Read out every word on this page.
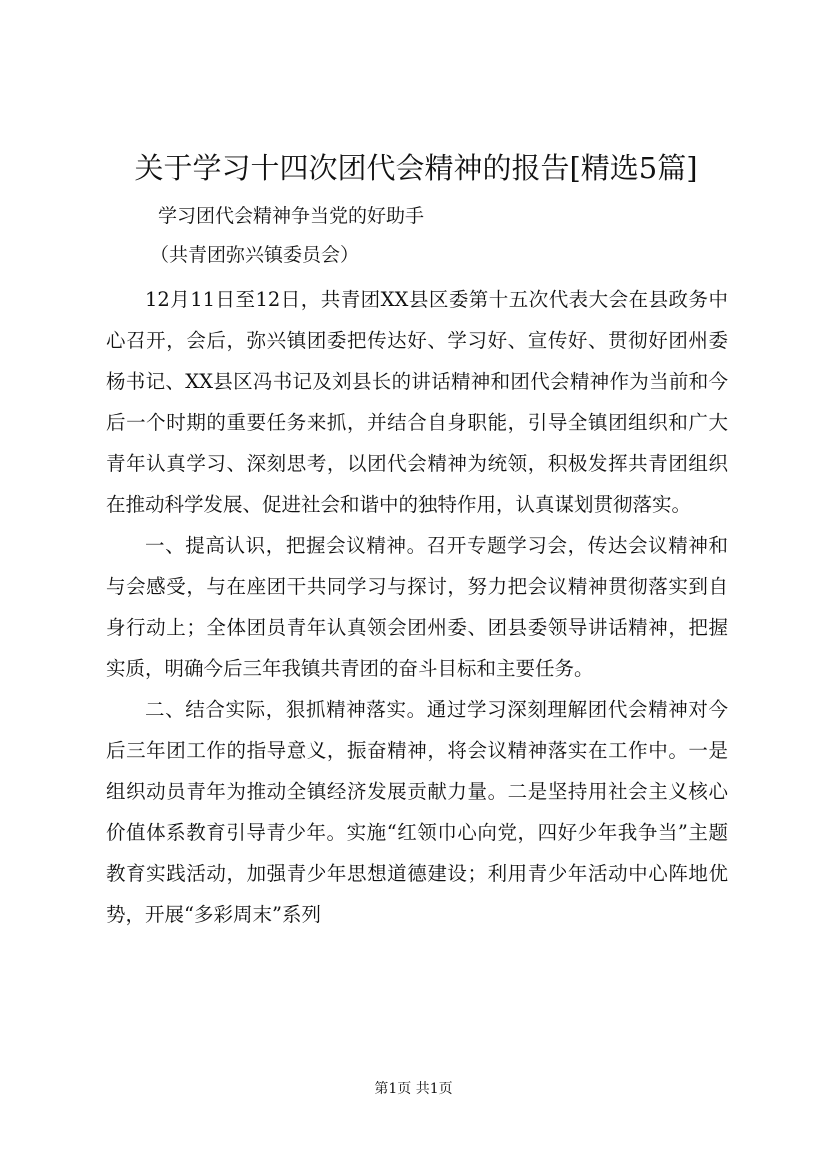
关于学习十四次团代会精神的报告[精选5篇]
学习团代会精神争当党的好助手
（共青团弥兴镇委员会）

12月11日至12日，共青团XX县区委第十五次代表大会在县政务中心召开，会后，弥兴镇团委把传达好、学习好、宣传好、贯彻好团州委杨书记、XX县区冯书记及刘县长的讲话精神和团代会精神作为当前和今后一个时期的重要任务来抓，并结合自身职能，引导全镇团组织和广大青年认真学习、深刻思考，以团代会精神为统领，积极发挥共青团组织在推动科学发展、促进社会和谐中的独特作用，认真谋划贯彻落实。

一、提高认识，把握会议精神。召开专题学习会，传达会议精神和与会感受，与在座团干共同学习与探讨，努力把会议精神贯彻落实到自身行动上；全体团员青年认真领会团州委、团县委领导讲话精神，把握实质，明确今后三年我镇共青团的奋斗目标和主要任务。

二、结合实际，狠抓精神落实。通过学习深刻理解团代会精神对今后三年团工作的指导意义，振奋精神，将会议精神落实在工作中。一是组织动员青年为推动全镇经济发展贡献力量。二是坚持用社会主义核心价值体系教育引导青少年。实施“红领巾心向党，四好少年我争当”主题教育实践活动，加强青少年思想道德建设；利用青少年活动中心阵地优势，开展“多彩周末”系列

第1页 共1页
